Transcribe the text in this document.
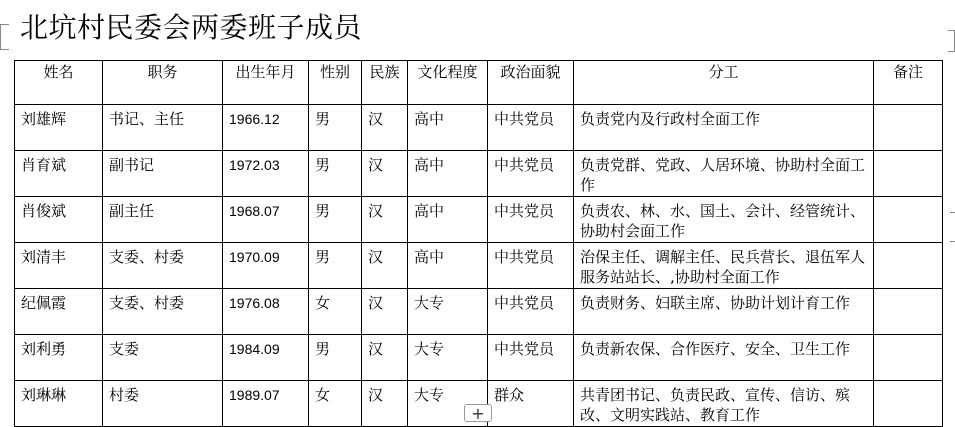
北坑村民委会两委班子成员
姓名	职务	出生年月	性别	民族	文化程度	政治面貌	分工	备注
刘雄辉	书记、主任	1966.12	男	汉	高中	中共党员	负责党内及行政村全面工作	
肖育斌	副书记	1972.03	男	汉	高中	中共党员	负责党群、党政、人居环境、协助村全面工作	
肖俊斌	副主任	1968.07	男	汉	高中	中共党员	负责农、林、水、国土、会计、经管统计、协助村会面工作	
刘清丰	支委、村委	1970.09	男	汉	高中	中共党员	治保主任、调解主任、民兵营长、退伍军人服务站站长、,协助村全面工作	
纪佩霞	支委、村委	1976.08	女	汉	大专	中共党员	负责财务、妇联主席、协助计划计育工作	
刘利勇	支委	1984.09	男	汉	大专	中共党员	负责新农保、合作医疗、安全、卫生工作	
刘琳琳	村委	1989.07	女	汉	大专	群众	共青团书记、负责民政、宣传、信访、殡改、文明实践站、教育工作	
+
